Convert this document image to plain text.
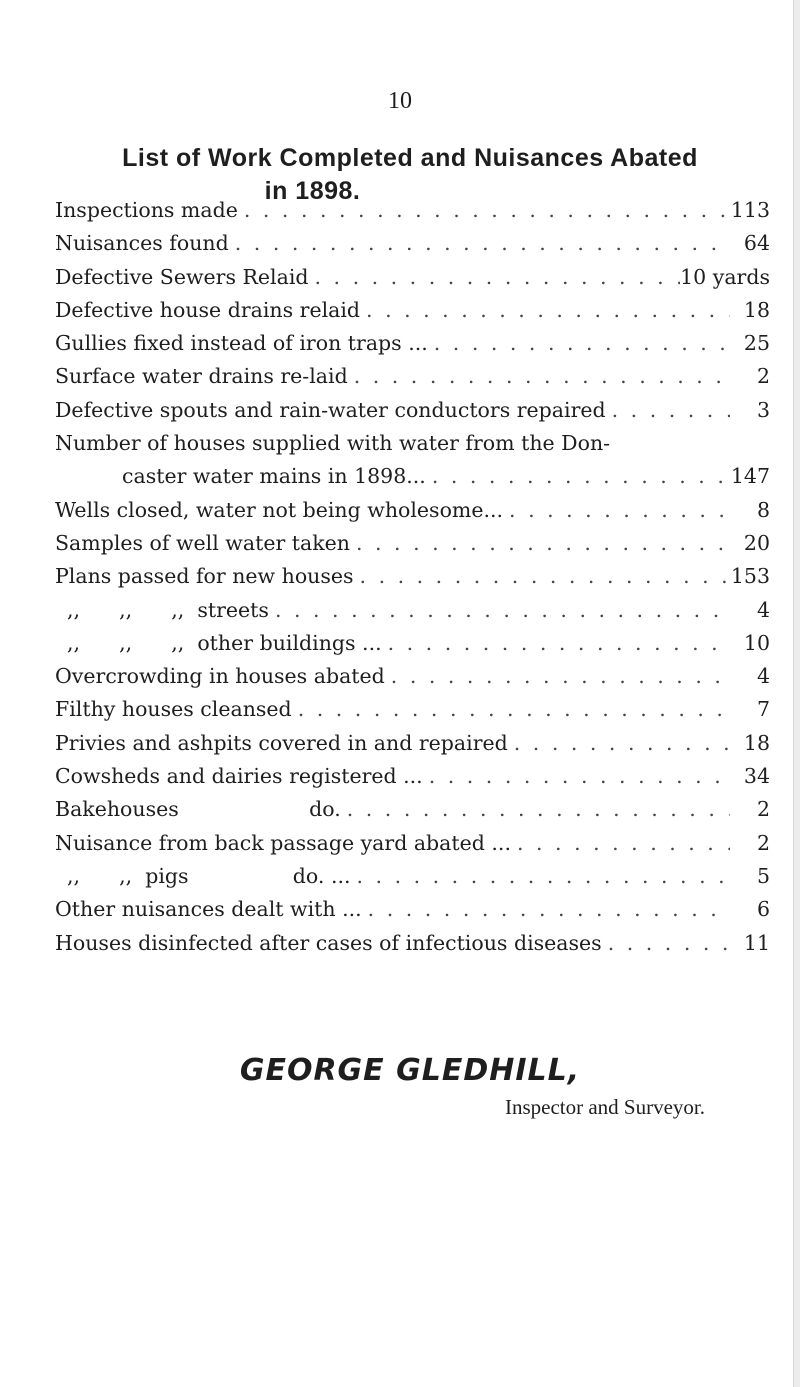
10
List of Work Completed and Nuisances Abated
in 1898.
Inspections made . . .	113
Nuisances found . . .	64
Defective Sewers Relaid . . .	10 yards
Defective house drains relaid . . .	18
Gullies fixed instead of iron traps ... . . .	25
Surface water drains re-laid . . .	2
Defective spouts and rain-water conductors repaired . . .	3
Number of houses supplied with water from the Don-
caster water mains in 1898... . . .	147
Wells closed, water not being wholesome... . . .	8
Samples of well water taken . . .	20
Plans passed for new houses . . .	153
,,      ,,      ,, streets . . .	4
,,      ,,      ,, other buildings ... . . .	10
Overcrowding in houses abated . . .	4
Filthy houses cleansed . . .	7
Privies and ashpits covered in and repaired . . .	18
Cowsheds and dairies registered ... . . .	34
Bakehouses                    do. . . .	2
Nuisance from back passage yard abated ... . . .	2
,,      ,, pigs                do. ... . . .	5
Other nuisances dealt with ... . . .	6
Houses disinfected after cases of infectious diseases . . .	11
GEORGE GLEDHILL,
Inspector and Surveyor.
